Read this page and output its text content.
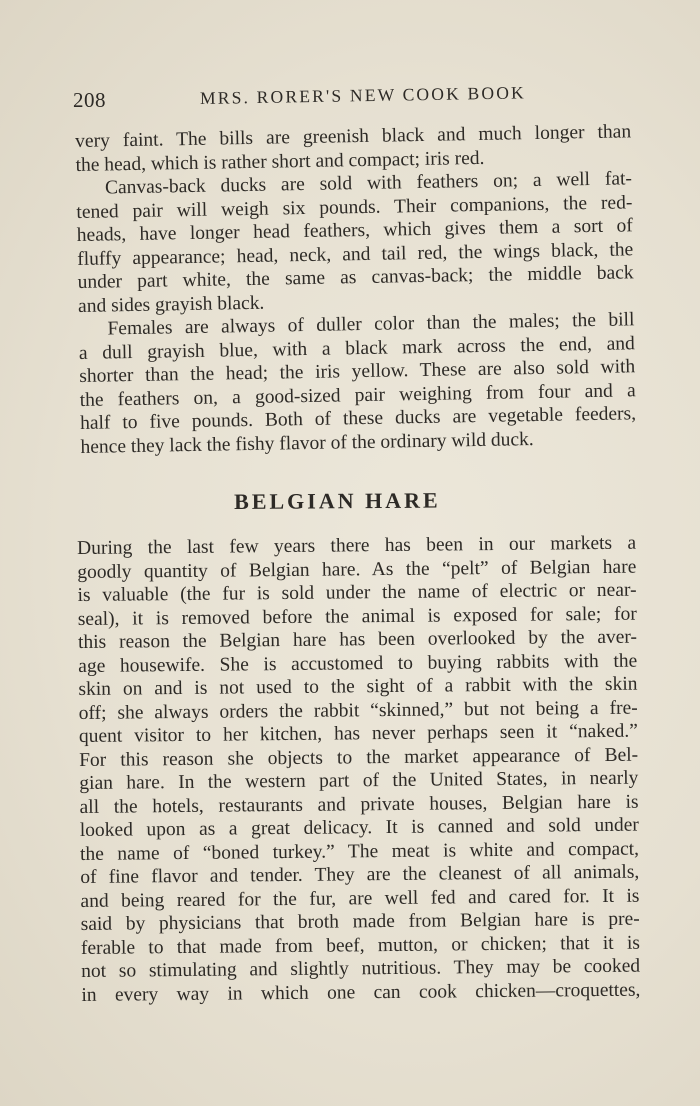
208	MRS. RORER'S NEW COOK BOOK
very faint. The bills are greenish black and much longer than
the head, which is rather short and compact; iris red.
Canvas-back ducks are sold with feathers on; a well fat-
tened pair will weigh six pounds. Their companions, the red-
heads, have longer head feathers, which gives them a sort of
fluffy appearance; head, neck, and tail red, the wings black, the
under part white, the same as canvas-back; the middle back
and sides grayish black.
Females are always of duller color than the males; the bill
a dull grayish blue, with a black mark across the end, and
shorter than the head; the iris yellow. These are also sold with
the feathers on, a good-sized pair weighing from four and a
half to five pounds. Both of these ducks are vegetable feeders,
hence they lack the fishy flavor of the ordinary wild duck.
BELGIAN HARE
During the last few years there has been in our markets a
goodly quantity of Belgian hare. As the “pelt” of Belgian hare
is valuable (the fur is sold under the name of electric or near-
seal), it is removed before the animal is exposed for sale; for
this reason the Belgian hare has been overlooked by the aver-
age housewife. She is accustomed to buying rabbits with the
skin on and is not used to the sight of a rabbit with the skin
off; she always orders the rabbit “skinned,” but not being a fre-
quent visitor to her kitchen, has never perhaps seen it “naked.”
For this reason she objects to the market appearance of Bel-
gian hare. In the western part of the United States, in nearly
all the hotels, restaurants and private houses, Belgian hare is
looked upon as a great delicacy. It is canned and sold under
the name of “boned turkey.” The meat is white and compact,
of fine flavor and tender. They are the cleanest of all animals,
and being reared for the fur, are well fed and cared for. It is
said by physicians that broth made from Belgian hare is pre-
ferable to that made from beef, mutton, or chicken; that it is
not so stimulating and slightly nutritious. They may be cooked
in every way in which one can cook chicken—croquettes,
